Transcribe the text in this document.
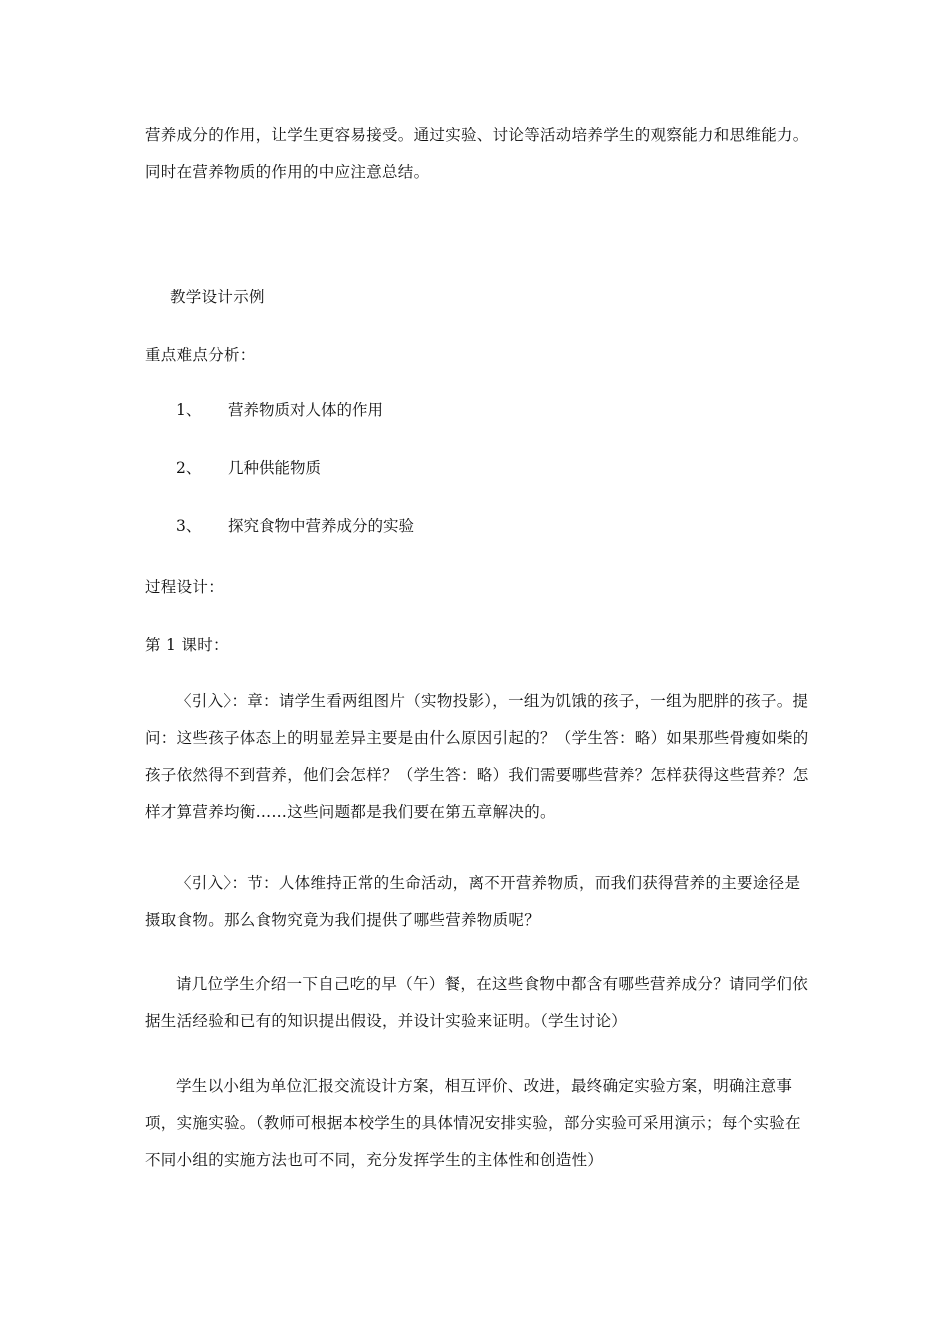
营养成分的作用，让学生更容易接受。通过实验、讨论等活动培养学生的观察能力和思维能力。同时在营养物质的作用的中应注意总结。
教学设计示例
重点难点分析：
1、 营养物质对人体的作用
2、 几种供能物质
3、 探究食物中营养成分的实验
过程设计：
第 1 课时：
〈引入〉：章：请学生看两组图片（实物投影），一组为饥饿的孩子，一组为肥胖的孩子。提问：这些孩子体态上的明显差异主要是由什么原因引起的？（学生答：略）如果那些骨瘦如柴的孩子依然得不到营养，他们会怎样？（学生答：略）我们需要哪些营养？怎样获得这些营养？怎样才算营养均衡……这些问题都是我们要在第五章解决的。
〈引入〉：节：人体维持正常的生命活动，离不开营养物质，而我们获得营养的主要途径是摄取食物。那么食物究竟为我们提供了哪些营养物质呢？
请几位学生介绍一下自己吃的早（午）餐，在这些食物中都含有哪些营养成分？请同学们依据生活经验和已有的知识提出假设，并设计实验来证明。（学生讨论）
学生以小组为单位汇报交流设计方案，相互评价、改进，最终确定实验方案，明确注意事项，实施实验。（教师可根据本校学生的具体情况安排实验，部分实验可采用演示；每个实验在不同小组的实施方法也可不同，充分发挥学生的主体性和创造性）
